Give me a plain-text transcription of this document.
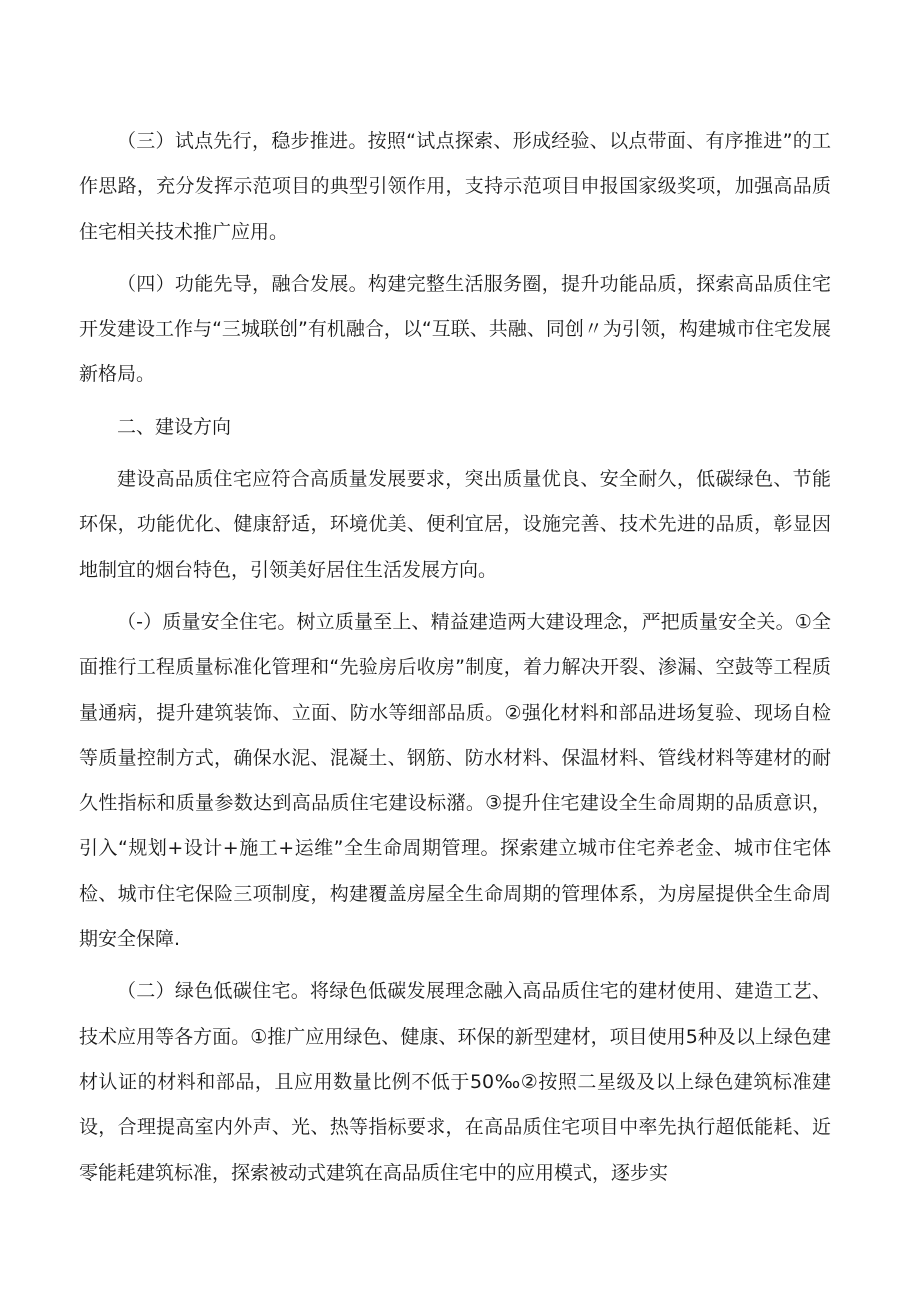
（三）试点先行，稳步推进。按照“试点探索、形成经验、以点带面、有序推进”的工作思路，充分发挥示范项目的典型引领作用，支持示范项目申报国家级奖项，加强高品质住宅相关技术推广应用。

（四）功能先导，融合发展。构建完整生活服务圈，提升功能品质，探索高品质住宅开发建设工作与“三城联创”有机融合，以“互联、共融、同创〃为引领，构建城市住宅发展新格局。

二、建设方向

建设高品质住宅应符合高质量发展要求，突出质量优良、安全耐久，低碳绿色、节能环保，功能优化、健康舒适，环境优美、便利宜居，设施完善、技术先进的品质，彰显因地制宜的烟台特色，引领美好居住生活发展方向。

（-）质量安全住宅。树立质量至上、精益建造两大建设理念，严把质量安全关。①全面推行工程质量标准化管理和“先验房后收房”制度，着力解决开裂、渗漏、空鼓等工程质量通病，提升建筑装饰、立面、防水等细部品质。②强化材料和部品进场复验、现场自检等质量控制方式，确保水泥、混凝土、钢筋、防水材料、保温材料、管线材料等建材的耐久性指标和质量参数达到高品质住宅建设标潴。③提升住宅建设全生命周期的品质意识，引入“规划+设计+施工+运维”全生命周期管理。探索建立城市住宅养老金、城市住宅体检、城市住宅保险三项制度，构建覆盖房屋全生命周期的管理体系，为房屋提供全生命周期安全保障.

（二）绿色低碳住宅。将绿色低碳发展理念融入高品质住宅的建材使用、建造工艺、技术应用等各方面。①推广应用绿色、健康、环保的新型建材，项目使用5种及以上绿色建材认证的材料和部品，且应用数量比例不低于50‰②按照二星级及以上绿色建筑标准建设，合理提高室内外声、光、热等指标要求，在高品质住宅项目中率先执行超低能耗、近零能耗建筑标准，探索被动式建筑在高品质住宅中的应用模式，逐步实
